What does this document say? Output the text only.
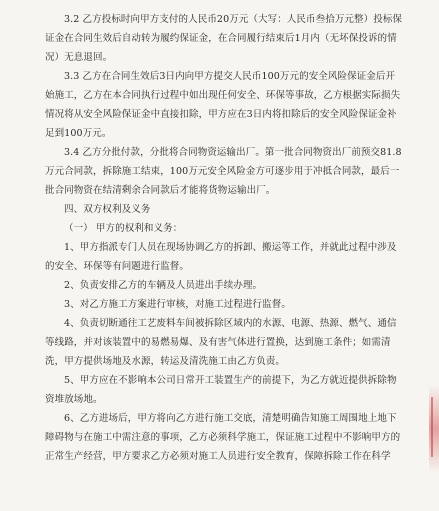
3.2 乙方投标时向甲方支付的人民币20万元（大写：人民币叁拾万元整）投标保证金在合同生效后自动转为履约保证金，在合同履行结束后1月内（无坏保投诉的情况）无息退回。

3.3 乙方在合同生效后3日内向甲方提交人民币100万元的安全风险保证金后开始施工，乙方在本合同执行过程中如出现任何安全、环保等事故，乙方根据实际损失情况将从安全风险保证金中直接扣除，甲方应在3日内将扣除后的安全风险保证金补足到100万元。

3.4 乙方分批付款，分批将合同物资运输出厂。第一批合同物资出厂前预交81.8万元合同款，拆除施工结束，100万元安全风险金方可逐步用于冲抵合同款，最后一批合同物资在结清剩余合同款后才能将货物运输出厂。

四、双方权利及义务

（一） 甲方的权利和义务：

1、甲方指派专门人员在现场协调乙方的拆卸、搬运等工作，并就此过程中涉及的安全、环保等有问题进行监督。

2、负责安排乙方的车辆及人员进出手续办理。

3、对乙方施工方案进行审核，对施工过程进行监督。

4、负责切断通往工艺废料车间被拆除区域内的水源、电源、热源、燃气、通信等线路，并对该装置中的易燃易爆、及有害气体进行置换，达到施工条件；如需清洗，甲方提供场地及水源，转运及清洗施工由乙方负责。

5、甲方应在不影响本公司日常开工装置生产的前提下，为乙方就近提供拆除物资堆放场地。

6、乙方进场后，甲方将向乙方进行施工交底，清楚明确告知施工周围地上地下障碍物与在施工中需注意的事项，乙方必须科学施工，保证施工过程中不影响甲方的正常生产经营，甲方要求乙方必须对施工人员进行安全教育，保障拆除工作在科学
